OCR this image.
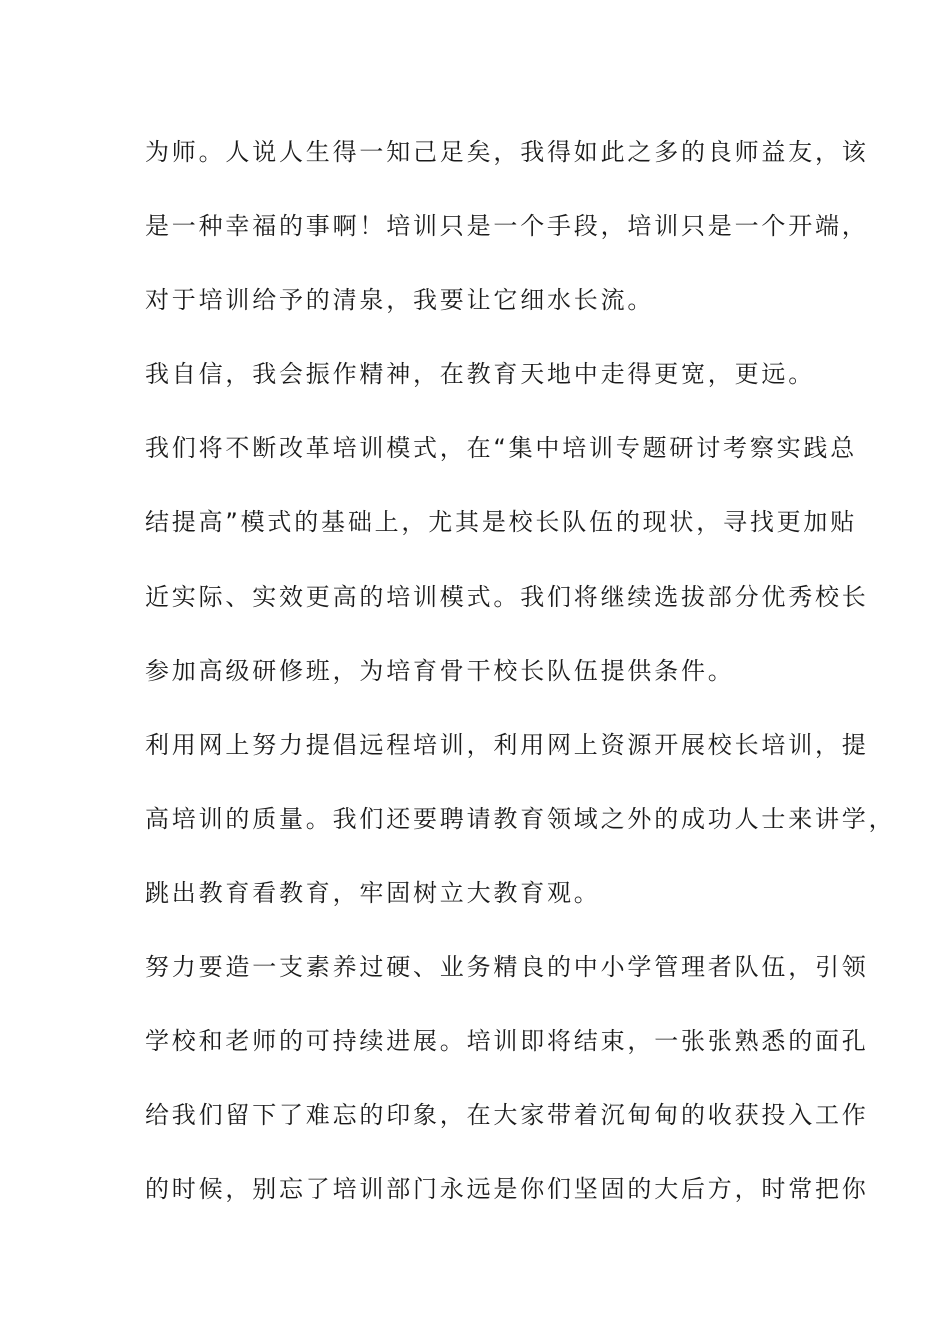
为师。人说人生得一知己足矣，我得如此之多的良师益友，该
是一种幸福的事啊！培训只是一个手段，培训只是一个开端，
对于培训给予的清泉，我要让它细水长流。
我自信，我会振作精神，在教育天地中走得更宽，更远。
我们将不断改革培训模式，在“集中培训专题研讨考察实践总
结提高”模式的基础上，尤其是校长队伍的现状，寻找更加贴
近实际、实效更高的培训模式。我们将继续选拔部分优秀校长
参加高级研修班，为培育骨干校长队伍提供条件。
利用网上努力提倡远程培训，利用网上资源开展校长培训，提
高培训的质量。我们还要聘请教育领域之外的成功人士来讲学，
跳出教育看教育，牢固树立大教育观。
努力要造一支素养过硬、业务精良的中小学管理者队伍，引领
学校和老师的可持续进展。培训即将结束，一张张熟悉的面孔
给我们留下了难忘的印象，在大家带着沉甸甸的收获投入工作
的时候，别忘了培训部门永远是你们坚固的大后方，时常把你
